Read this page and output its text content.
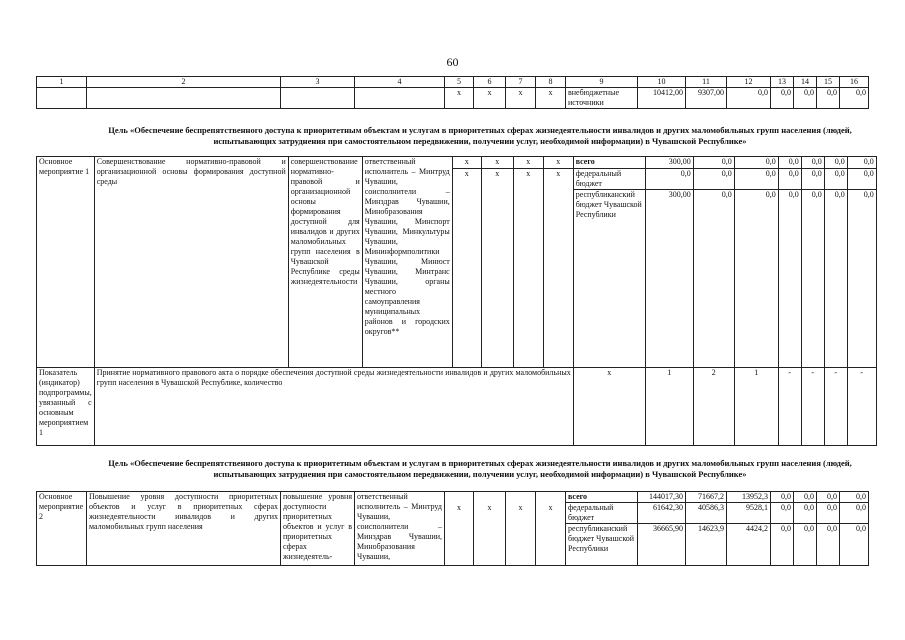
60
1	2	3	4	5	6	7	8	9	10	11	12	13	14	15	16
				х	х	х	х	внебюджетные источники	10412,00	9307,00	0,0	0,0	0,0	0,0	0,0
Цель «Обеспечение беспрепятственного доступа к приоритетным объектам и услугам в приоритетных сферах жизнедеятельности инвалидов и других маломобильных групп населения (людей, испытывающих затруднения при самостоятельном передвижении, получении услуг, необходимой информации) в Чувашской Республике»
Основное мероприятие 1	Совершенствование нормативно-правовой и организационной основы формирования доступной среды	совершенствование нормативно-правовой и организационной основы формирования доступной для инвалидов и других маломобильных групп населения в Чувашской Республике среды жизнедеятельности	ответственный исполнитель – Минтруд Чувашии, соисполнители – Минздрав Чувашии, Минобразования Чувашии, Минспорт Чувашии, Минкультуры Чувашии, Мининформполитики Чувашии, Минюст Чувашии, Минтранс Чувашии, органы местного самоуправления муниципальных районов и городских округов**	х	х	х	х	всего	300,00	0,0	0,0	0,0	0,0	0,0	0,0
				х	х	х	х	федеральный бюджет	0,0	0,0	0,0	0,0	0,0	0,0	0,0
								республиканский бюджет Чувашской Республики	300,00	0,0	0,0	0,0	0,0	0,0	0,0
Показатель (индикатор) подпрограммы, увязанный с основным мероприятием 1	Принятие нормативного правового акта о порядке обеспечения доступной среды жизнедеятельности инвалидов и других маломобильных групп населения в Чувашской Республике, количество							х	1	2	1	-	-	-	-
Цель «Обеспечение беспрепятственного доступа к приоритетным объектам и услугам в приоритетных сферах жизнедеятельности инвалидов и других маломобильных групп населения (людей, испытывающих затруднения при самостоятельном передвижении, получении услуг, необходимой информации) в Чувашской Республике»
Основное мероприятие 2	Повышение уровня доступности приоритетных объектов и услуг в приоритетных сферах жизнедеятельности инвалидов и других маломобильных групп населения	повышение уровня доступности приоритетных объектов и услуг в приоритетных сферах жизнедеятель-	ответственный исполнитель – Минтруд Чувашии, соисполнители – Минздрав Чувашии, Минобразования Чувашии,					всего	144017,30	71667,2	13952,3	0,0	0,0	0,0	0,0
				х	х	х	х	федеральный бюджет	61642,30	40586,3	9528,1	0,0	0,0	0,0	0,0
								республиканский бюджет Чувашской Республики	36665,90	14623,9	4424,2	0,0	0,0	0,0	0,0
